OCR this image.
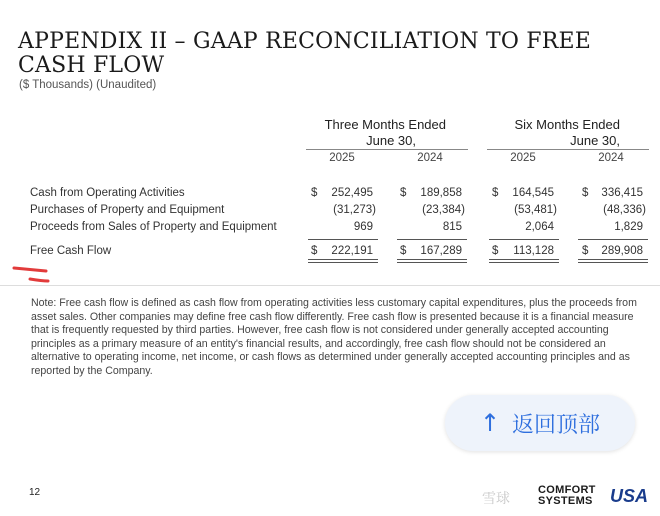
APPENDIX II – GAAP RECONCILIATION TO FREE CASH FLOW
($ Thousands) (Unaudited)
Three Months Ended
June 30,
Six Months Ended
June 30,
2025	2024	2025	2024
Cash from Operating Activities	$	252,495 $	189,858	$	164,545 $	336,415
Purchases of Property and Equipment	(31,273)	(23,384)	(53,481)	(48,336)
Proceeds from Sales of Property and Equipment	969	815	2,064	1,829
Free Cash Flow	$	222,191 $	167,289	$	113,128 $	289,908
Note: Free cash flow is defined as cash flow from operating activities less customary capital expenditures, plus the proceeds from asset sales. Other companies may define free cash flow differently. Free cash flow is presented because it is a financial measure that is frequently requested by third parties. However, free cash flow is not considered under generally accepted accounting principles as a primary measure of an entity's financial results, and accordingly, free cash flow should not be considered an alternative to operating income, net income, or cash flows as determined under generally accepted accounting principles and as reported by the Company.
↑ 返回顶部
12	雪球	COMFORT
SYSTEMS USA
